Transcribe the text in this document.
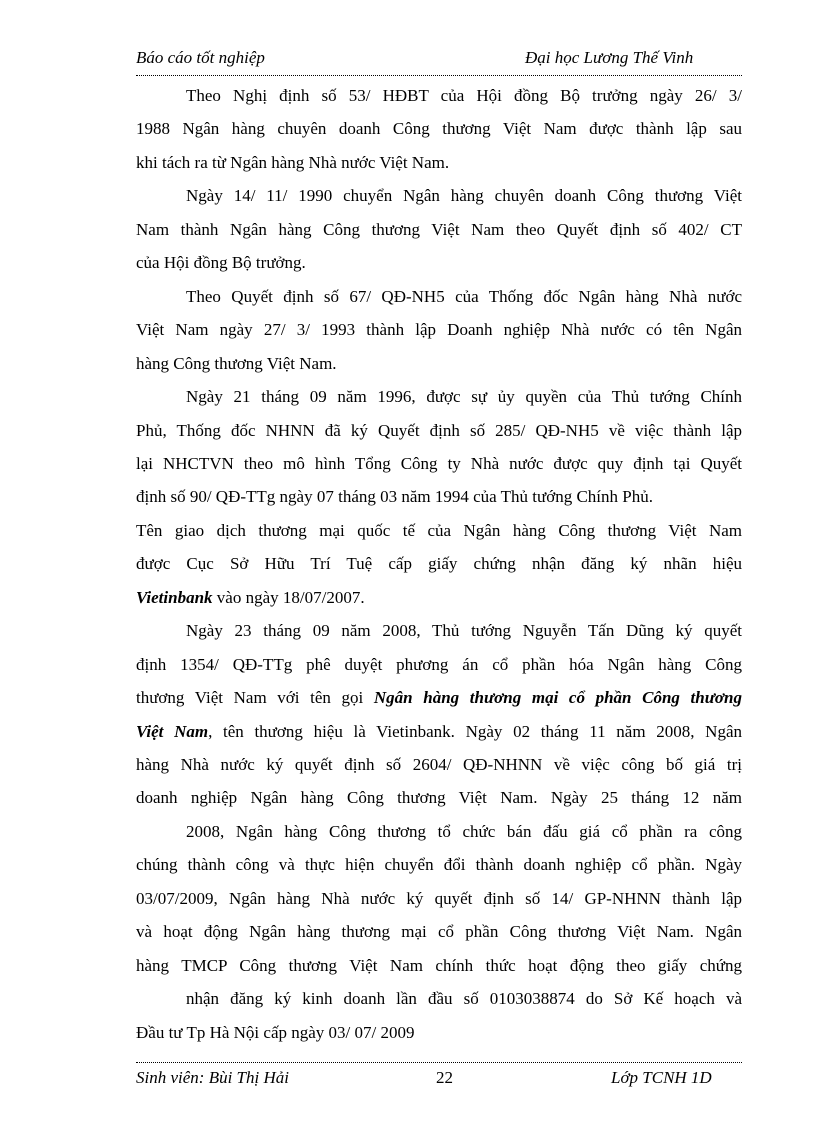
Báo cáo tốt nghiệp	Đại học Lương Thế Vinh
Theo Nghị định số 53/ HĐBT của Hội đồng Bộ trưởng ngày 26/ 3/
1988 Ngân hàng chuyên doanh Công thương Việt Nam được thành lập sau
khi tách ra từ Ngân hàng Nhà nước Việt Nam.
Ngày 14/ 11/ 1990 chuyển Ngân hàng chuyên doanh Công thương Việt
Nam thành Ngân hàng Công thương Việt Nam theo Quyết định số 402/ CT
của Hội đồng Bộ trưởng.
Theo Quyết định số 67/ QĐ-NH5 của Thống đốc Ngân hàng Nhà nước
Việt Nam ngày 27/ 3/ 1993 thành lập Doanh nghiệp Nhà nước có tên Ngân
hàng Công thương Việt Nam.
Ngày 21 tháng 09 năm 1996, được sự ủy quyền của Thủ tướng Chính
Phủ, Thống đốc NHNN đã ký Quyết định số 285/ QĐ-NH5 về việc thành lập
lại NHCTVN theo mô hình Tổng Công ty Nhà nước được quy định tại Quyết
định số 90/ QĐ-TTg ngày 07 tháng 03 năm 1994 của Thủ tướng Chính Phủ.
Tên giao dịch thương mại quốc tế của Ngân hàng Công thương Việt Nam
được Cục Sở Hữu Trí Tuệ cấp giấy chứng nhận đăng ký nhãn hiệu
Vietinbank vào ngày 18/07/2007.
Ngày 23 tháng 09 năm 2008, Thủ tướng Nguyễn Tấn Dũng ký quyết
định 1354/ QĐ-TTg phê duyệt phương án cổ phần hóa Ngân hàng Công
thương Việt Nam với tên gọi Ngân hàng thương mại cổ phần Công thương
Việt Nam, tên thương hiệu là Vietinbank. Ngày 02 tháng 11 năm 2008, Ngân
hàng Nhà nước ký quyết định số 2604/ QĐ-NHNN về việc công bố giá trị
doanh nghiệp Ngân hàng Công thương Việt Nam. Ngày 25 tháng 12 năm
2008, Ngân hàng Công thương tổ chức bán đấu giá cổ phần ra công
chúng thành công và thực hiện chuyển đổi thành doanh nghiệp cổ phần. Ngày
03/07/2009, Ngân hàng Nhà nước ký quyết định số 14/ GP-NHNN thành lập
và hoạt động Ngân hàng thương mại cổ phần Công thương Việt Nam. Ngân
hàng TMCP Công thương Việt Nam chính thức hoạt động theo giấy chứng
nhận đăng ký kinh doanh lần đầu số 0103038874 do Sở Kế hoạch và
Đầu tư Tp Hà Nội cấp ngày 03/ 07/ 2009
Sinh viên: Bùi Thị Hải	22	Lớp TCNH 1D
